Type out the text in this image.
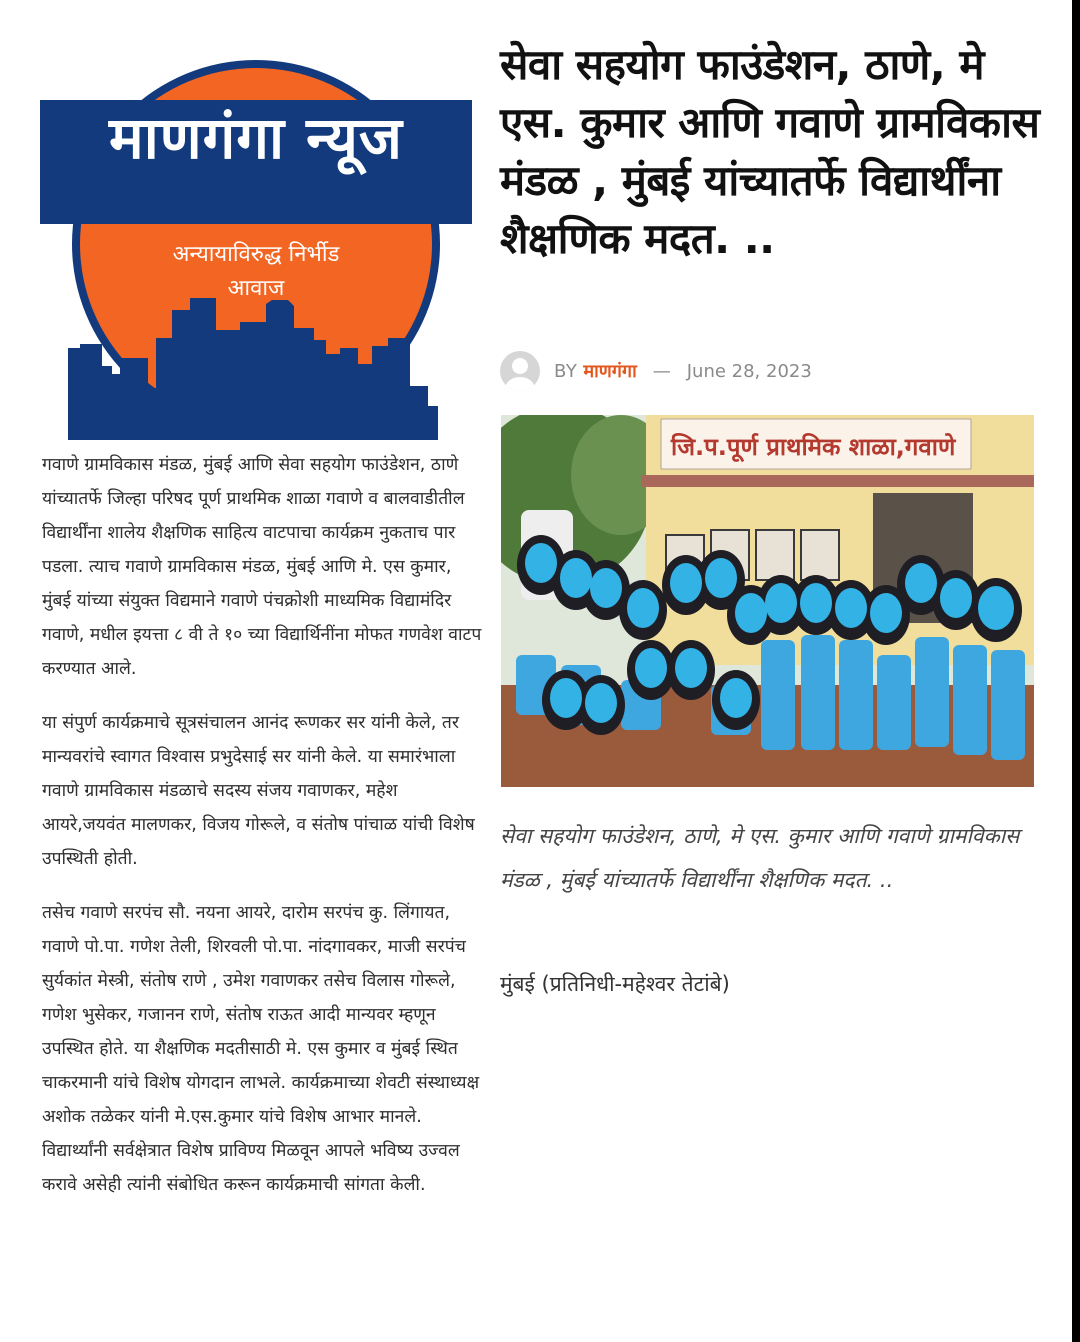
माणगंगा न्यूज
अन्यायाविरुद्ध निर्भीड
आवाज

गवाणे ग्रामविकास मंडळ, मुंबई आणि सेवा सहयोग फाउंडेशन, ठाणे यांच्यातर्फे जिल्हा परिषद पूर्ण प्राथमिक शाळा गवाणे व बालवाडीतील विद्यार्थींना शालेय शैक्षणिक साहित्य वाटपाचा कार्यक्रम नुकताच पार पडला. त्याच गवाणे ग्रामविकास मंडळ, मुंबई आणि मे. एस कुमार, मुंबई यांच्या संयुक्त विद्यमाने गवाणे पंचक्रोशी माध्यमिक विद्यामंदिर गवाणे, मधील इयत्ता ८ वी ते १० च्या विद्यार्थिनींना मोफत गणवेश वाटप करण्यात आले.

या संपुर्ण कार्यक्रमाचे सूत्रसंचालन आनंद रूणकर सर यांनी केले, तर मान्यवरांचे स्वागत विश्वास प्रभुदेसाई सर यांनी केले. या समारंभाला गवाणे ग्रामविकास मंडळाचे सदस्य संजय गवाणकर, महेश आयरे,जयवंत मालणकर, विजय गोरूले, व संतोष पांचाळ यांची विशेष उपस्थिती होती.

तसेच गवाणे सरपंच सौ. नयना आयरे, दारोम सरपंच कु. लिंगायत, गवाणे पो.पा. गणेश तेली, शिरवली पो.पा. नांदगावकर, माजी सरपंच सुर्यकांत मेस्त्री, संतोष राणे , उमेश गवाणकर तसेच विलास गोरूले, गणेश भुसेकर, गजानन राणे, संतोष राऊत आदी मान्यवर म्हणून उपस्थित होते. या शैक्षणिक मदतीसाठी मे. एस कुमार व मुंबई स्थित चाकरमानी यांचे विशेष योगदान लाभले. कार्यक्रमाच्या शेवटी संस्थाध्यक्ष अशोक तळेकर यांनी मे.एस.कुमार यांचे विशेष आभार मानले. विद्यार्थ्यांनी सर्वक्षेत्रात विशेष प्राविण्य मिळवून आपले भविष्य उज्वल करावे असेही त्यांनी संबोधित करून कार्यक्रमाची सांगता केली.

सेवा सहयोग फाउंडेशन, ठाणे, मे एस. कुमार आणि गवाणे ग्रामविकास मंडळ , मुंबई यांच्यातर्फे विद्यार्थींना शैक्षणिक मदत. ..
BY माणगंगा — June 28, 2023
जि.प.पूर्ण प्राथमिक शाळा,गवाणे

सेवा सहयोग फाउंडेशन, ठाणे, मे एस. कुमार आणि गवाणे ग्रामविकास मंडळ , मुंबई यांच्यातर्फे विद्यार्थींना शैक्षणिक मदत. ..

मुंबई (प्रतिनिधी-महेश्वर तेटांबे)
